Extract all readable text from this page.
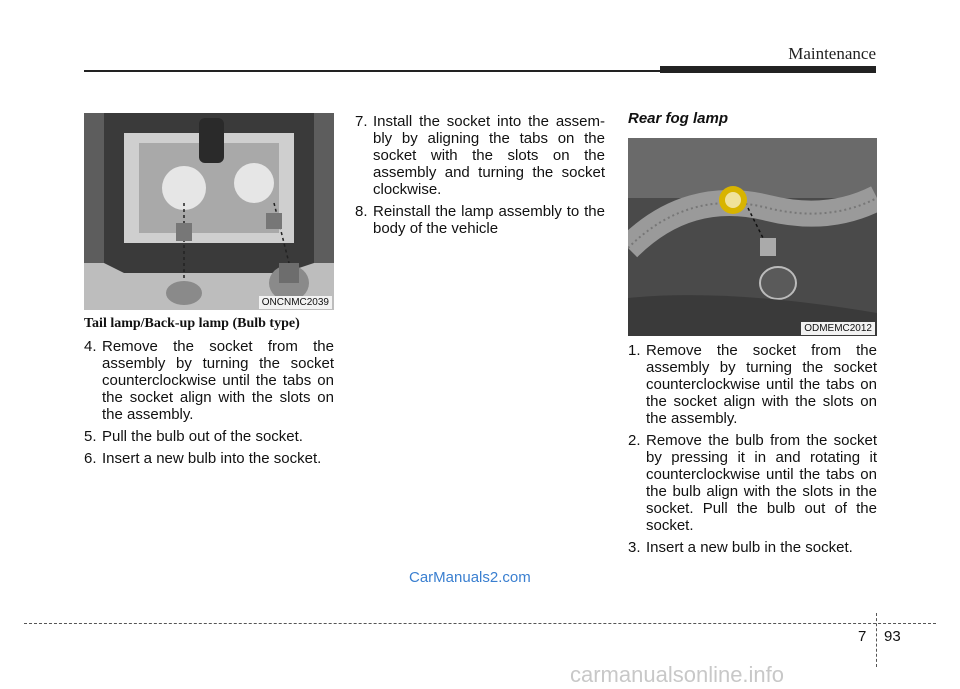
Maintenance
ONCNMC2039
Tail lamp/Back-up lamp (Bulb type)
4. Remove the socket from the assembly by turning the socket counterclockwise until the tabs on the socket align with the slots on the assembly.
5. Pull the bulb out of the socket.
6. Insert a new bulb into the socket.
7. Install the socket into the assem-bly by aligning the tabs on the socket with the slots on the assembly and turning the socket clockwise.
8. Reinstall the lamp assembly to the body of the vehicle
Rear fog lamp
ODMEMC2012
1. Remove the socket from the assembly by turning the socket counterclockwise until the tabs on the socket align with the slots on the assembly.
2. Remove the bulb from the socket by pressing it in and rotating it counterclockwise until the tabs on the bulb align with the slots in the socket. Pull the bulb out of the socket.
3. Insert a new bulb in the socket.
CarManuals2.com
7 93
carmanualsonline.info
